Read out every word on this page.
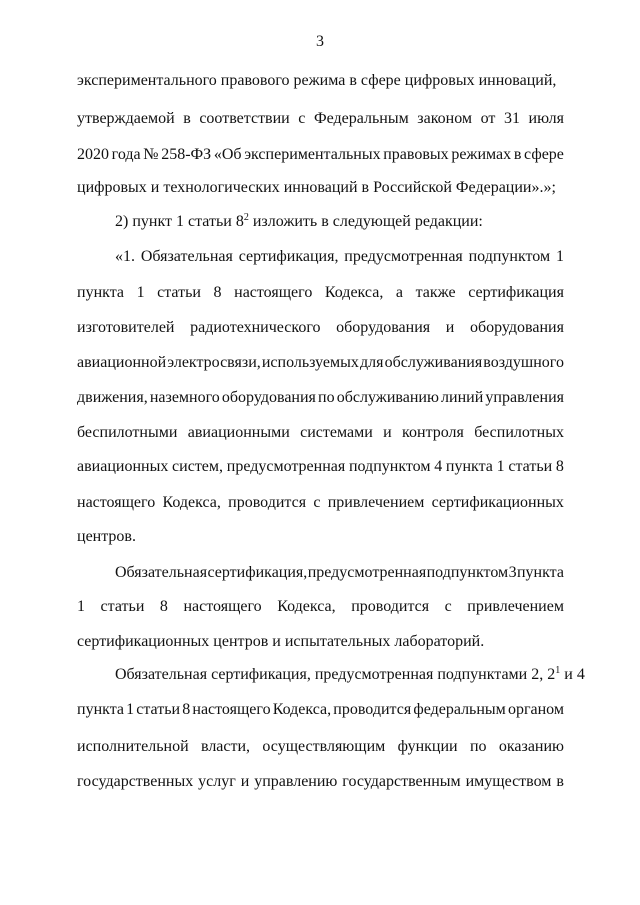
3
экспериментального правового режима в сфере цифровых инноваций,
утверждаемой в соответствии с Федеральным законом от 31 июля
2020 года № 258-ФЗ «Об экспериментальных правовых режимах в сфере
цифровых и технологических инноваций в Российской Федерации».»;
2) пункт 1 статьи $8^2$ изложить в следующей редакции:
«1. Обязательная сертификация, предусмотренная подпунктом 1
пункта 1 статьи 8 настоящего Кодекса, а также сертификация
изготовителей радиотехнического оборудования и оборудования
авиационной электросвязи, используемых для обслуживания воздушного
движения, наземного оборудования по обслуживанию линий управления
беспилотными авиационными системами и контроля беспилотных
авиационных систем, предусмотренная подпунктом 4 пункта 1 статьи 8
настоящего Кодекса, проводится с привлечением сертификационных
центров.
Обязательная сертификация, предусмотренная подпунктом 3 пункта
1 статьи 8 настоящего Кодекса, проводится с привлечением
сертификационных центров и испытательных лабораторий.
Обязательная сертификация, предусмотренная подпунктами 2, $2^1$ и 4
пункта 1 статьи 8 настоящего Кодекса, проводится федеральным органом
исполнительной власти, осуществляющим функции по оказанию
государственных услуг и управлению государственным имуществом в
